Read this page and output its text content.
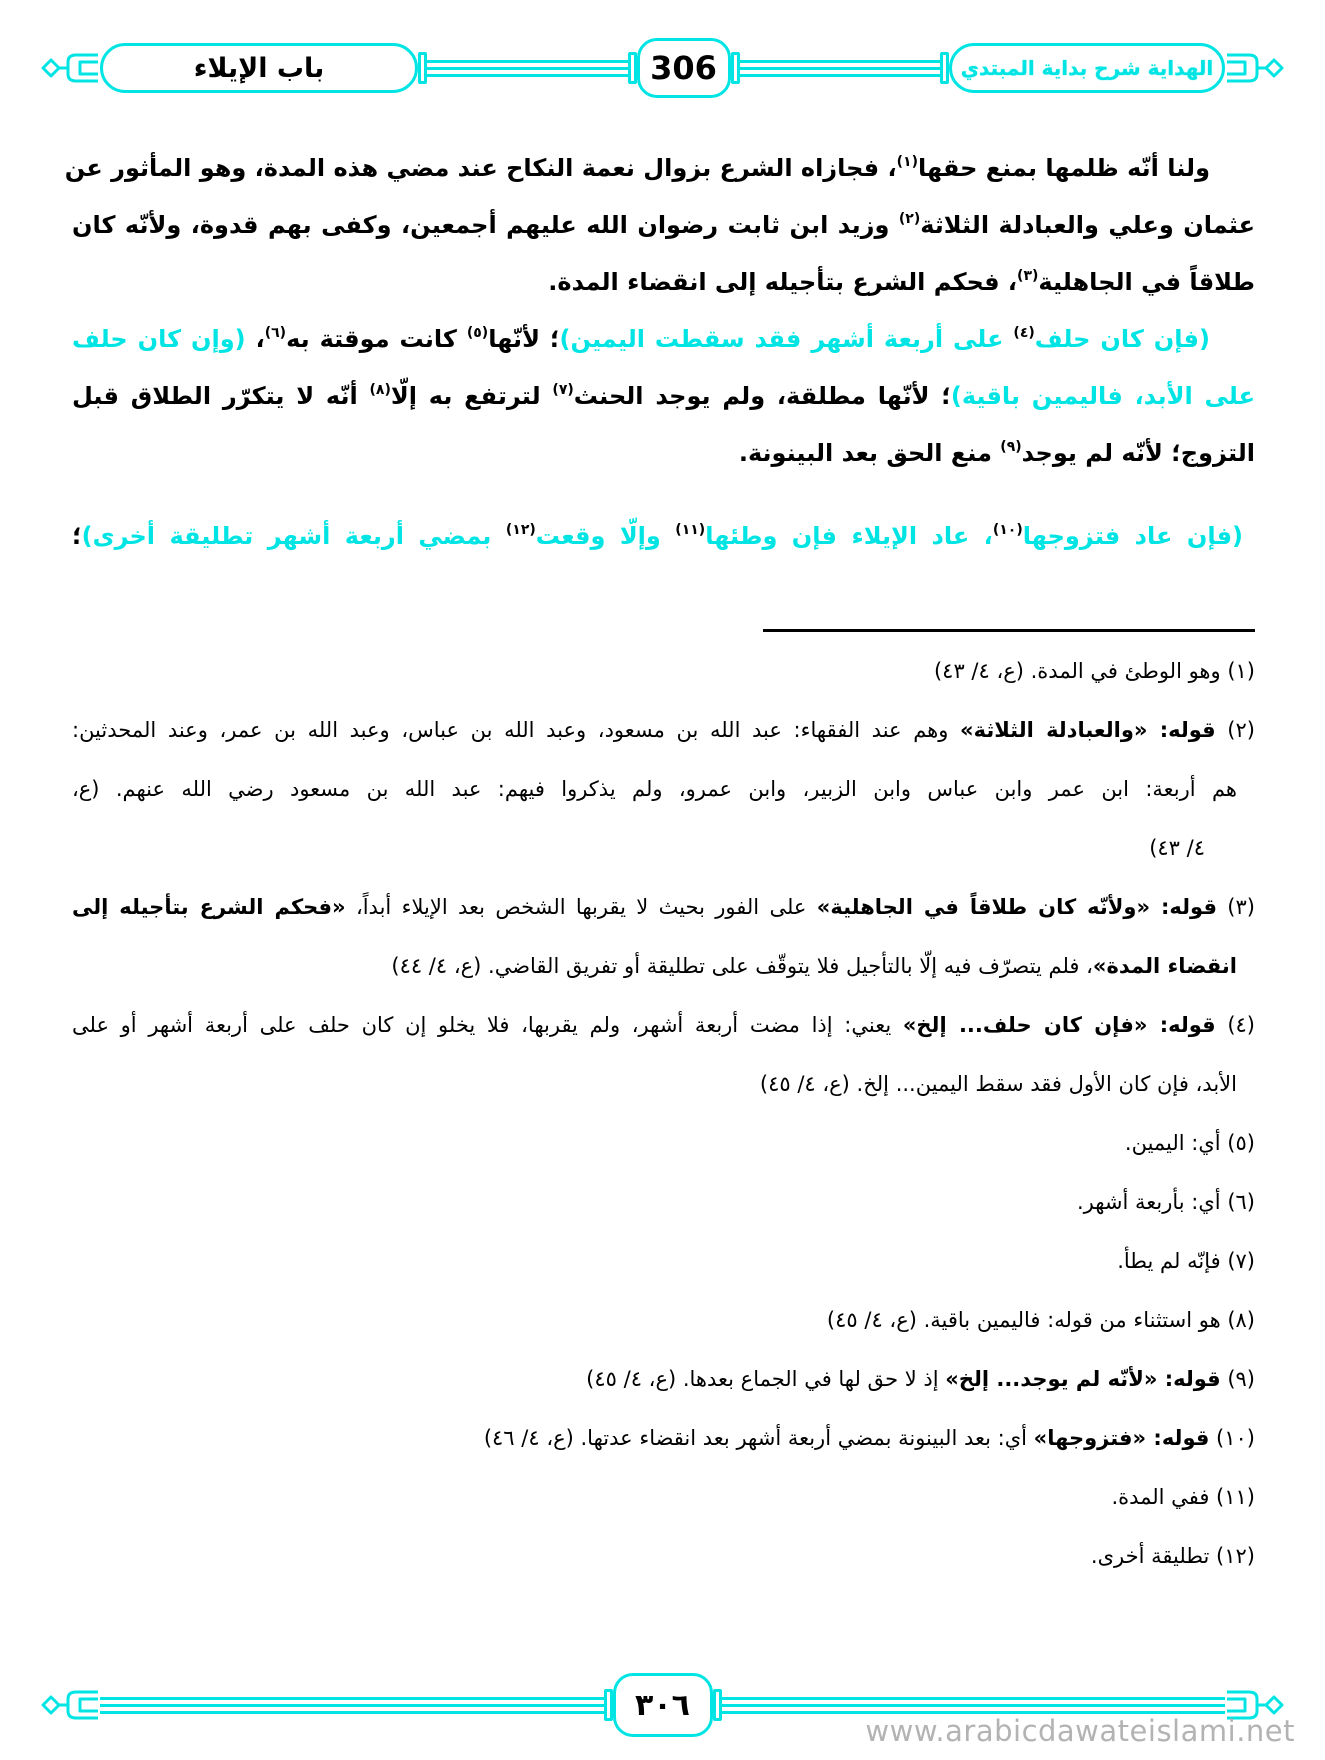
باب الإيلاء	306	الهداية شرح بداية المبتدي
ولنا أنّه ظلمها بمنع حقها$^{(١)}$، فجازاه الشرع بزوال نعمة النكاح عند مضي هذه المدة، وهو المأثور عن
عثمان وعلي والعبادلة الثلاثة$^{(٢)}$ وزيد ابن ثابت رضوان الله عليهم أجمعين، وكفى بهم قدوة، ولأنّه كان
طلاقاً في الجاهلية$^{(٣)}$، فحكم الشرع بتأجيله إلى انقضاء المدة.
(فإن كان حلف$^{(٤)}$ على أربعة أشهر فقد سقطت اليمين)؛ لأنّها$^{(٥)}$ كانت موقتة به$^{(٦)}$، (وإن كان حلف
على الأبد، فاليمين باقية)؛ لأنّها مطلقة، ولم يوجد الحنث$^{(٧)}$ لترتفع به إلّا$^{(٨)}$ أنّه لا يتكرّر الطلاق قبل
التزوج؛ لأنّه لم يوجد$^{(٩)}$ منع الحق بعد البينونة.
(فإن عاد فتزوجها$^{(١٠)}$، عاد الإيلاء فإن وطئها$^{(١١)}$ وإلّا وقعت$^{(١٢)}$ بمضي أربعة أشهر تطليقة أخرى)؛
(١) وهو الوطئ في المدة. (ع، ٤/ ٤٣)
(٢) قوله: «والعبادلة الثلاثة» وهم عند الفقهاء: عبد الله بن مسعود، وعبد الله بن عباس، وعبد الله بن عمر، وعند المحدثين:
هم أربعة: ابن عمر وابن عباس وابن الزبير، وابن عمرو، ولم يذكروا فيهم: عبد الله بن مسعود رضي الله عنهم. (ع،
٤/ ٤٣)
(٣) قوله: «ولأنّه كان طلاقاً في الجاهلية» على الفور بحيث لا يقربها الشخص بعد الإيلاء أبداً، «فحكم الشرع بتأجيله إلى
انقضاء المدة»، فلم يتصرّف فيه إلّا بالتأجيل فلا يتوقّف على تطليقة أو تفريق القاضي. (ع، ٤/ ٤٤)
(٤) قوله: «فإن كان حلف... إلخ» يعني: إذا مضت أربعة أشهر، ولم يقربها، فلا يخلو إن كان حلف على أربعة أشهر أو على
الأبد، فإن كان الأول فقد سقط اليمين... إلخ. (ع، ٤/ ٤٥)
(٥) أي: اليمين.
(٦) أي: بأربعة أشهر.
(٧) فإنّه لم يطأ.
(٨) هو استثناء من قوله: فاليمين باقية. (ع، ٤/ ٤٥)
(٩) قوله: «لأنّه لم يوجد... إلخ» إذ لا حق لها في الجماع بعدها. (ع، ٤/ ٤٥)
(١٠) قوله: «فتزوجها» أي: بعد البينونة بمضي أربعة أشهر بعد انقضاء عدتها. (ع، ٤/ ٤٦)
(١١) ففي المدة.
(١٢) تطليقة أخرى.
٣٠٦
www.arabicdawateislami.net
